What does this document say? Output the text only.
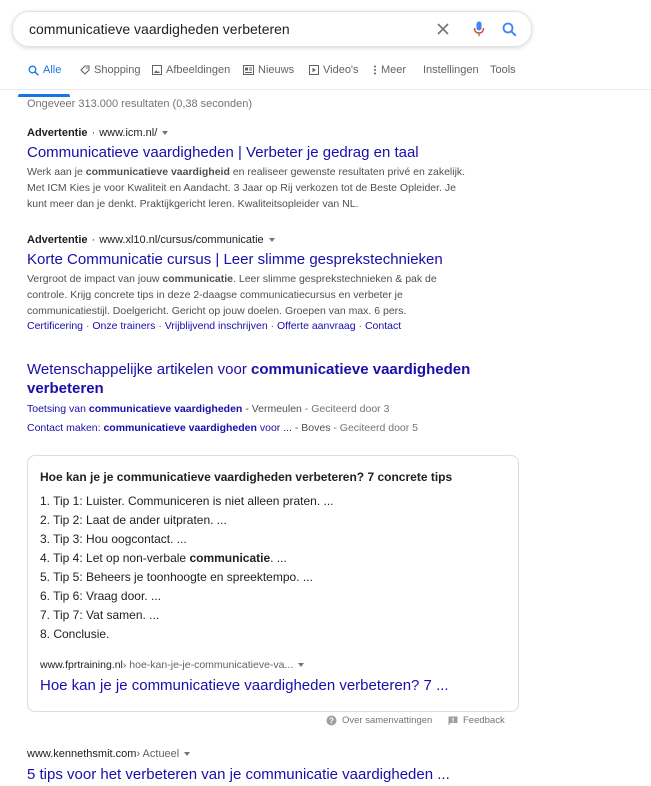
communicatieve vaardigheden verbeteren
Alle	Shopping Afbeeldingen	Nieuws	Video's Meer Instellingen Tools
Ongeveer 313.000 resultaten (0,38 seconden)
Advertentie · www.icm.nl/
Communicatieve vaardigheden | Verbeter je gedrag en taal
Werk aan je communicatieve vaardigheid en realiseer gewenste resultaten privé en zakelijk. Met ICM Kies je voor Kwaliteit en Aandacht. 3 Jaar op Rij verkozen tot de Beste Opleider. Je kunt meer dan je denkt. Praktijkgericht leren. Kwaliteitsopleider van NL.
Advertentie · www.xl10.nl/cursus/communicatie
Korte Communicatie cursus | Leer slimme gesprekstechnieken
Vergroot de impact van jouw communicatie. Leer slimme gesprekstechnieken & pak de controle. Krijg concrete tips in deze 2-daagse communicatiecursus en verbeter je communicatiestijl. Doelgericht. Gericht op jouw doelen. Groepen van max. 6 pers.
Certificering · Onze trainers · Vrijblijvend inschrijven · Offerte aanvraag · Contact
Wetenschappelijke artikelen voor communicatieve vaardigheden verbeteren
Toetsing van communicatieve vaardigheden - Vermeulen - Geciteerd door 3
Contact maken: communicatieve vaardigheden voor ... - Boves - Geciteerd door 5
Hoe kan je je communicatieve vaardigheden verbeteren? 7 concrete tips
1. Tip 1: Luister. Communiceren is niet alleen praten. ...
2. Tip 2: Laat de ander uitpraten. ...
3. Tip 3: Hou oogcontact. ...
4. Tip 4: Let op non-verbale communicatie. ...
5. Tip 5: Beheers je toonhoogte en spreektempo. ...
6. Tip 6: Vraag door. ...
7. Tip 7: Vat samen. ...
8. Conclusie.
www.fprtraining.nl › hoe-kan-je-je-communicatieve-va...
Hoe kan je je communicatieve vaardigheden verbeteren? 7 ...
? Over samenvattingen	Feedback
www.kennethsmit.com › Actueel
5 tips voor het verbeteren van je communicatie vaardigheden ...
